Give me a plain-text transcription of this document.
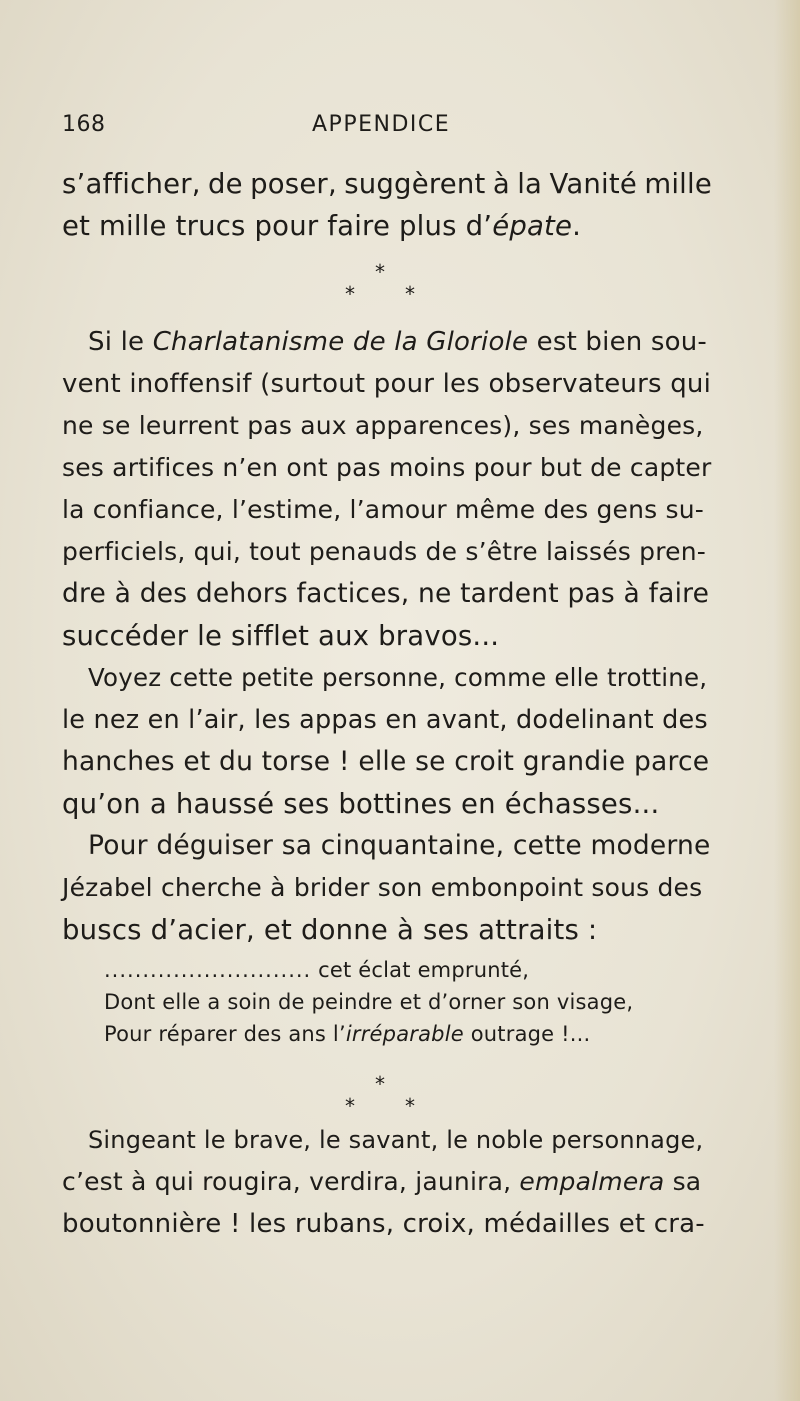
168	APPENDICE
s’afficher, de poser, suggèrent à la Vanité mille
et mille trucs pour faire plus d’épate.
*
*	*
Si le Charlatanisme de la Gloriole est bien sou-
vent inoffensif (surtout pour les observateurs qui
ne se leurrent pas aux apparences), ses manèges,
ses artifices n’en ont pas moins pour but de capter
la confiance, l’estime, l’amour même des gens su-
perficiels, qui, tout penauds de s’être laissés pren-
dre à des dehors factices, ne tardent pas à faire
succéder le sifflet aux bravos...
Voyez cette petite personne, comme elle trottine,
le nez en l’air, les appas en avant, dodelinant des
hanches et du torse ! elle se croit grandie parce
qu’on a haussé ses bottines en échasses...
Pour déguiser sa cinquantaine, cette moderne
Jézabel cherche à brider son embonpoint sous des
buscs d’acier, et donne à ses attraits :
........................... cet éclat emprunté,
Dont elle a soin de peindre et d’orner son visage,
Pour réparer des ans l’irréparable outrage !...
*
*	*
Singeant le brave, le savant, le noble personnage,
c’est à qui rougira, verdira, jaunira, empalmera sa
boutonnière ! les rubans, croix, médailles et cra-
